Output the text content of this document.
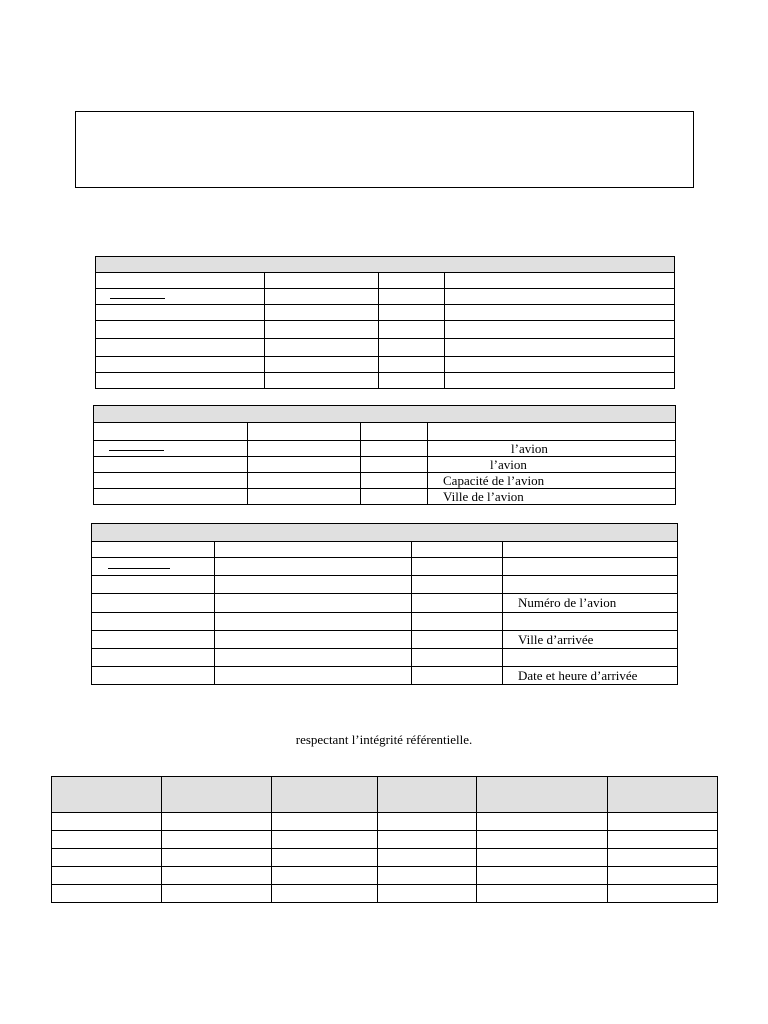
			l’avion
			l’avion
			Capacité de l’avion
			Ville de l’avion

			Numéro de l’avion

			Ville d’arrivée

			Date et heure d’arrivée
respectant l’intégrité référentielle.
